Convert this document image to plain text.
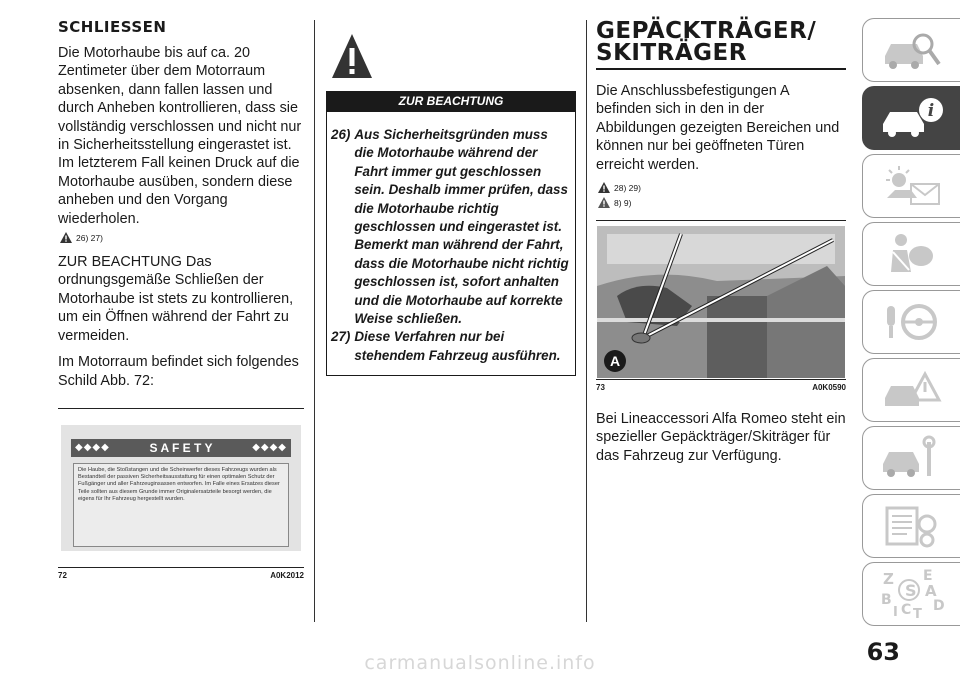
SCHLIESSEN

Die Motorhaube bis auf ca. 20 Zentimeter über dem Motorraum absenken, dann fallen lassen und durch Anheben kontrollieren, dass sie vollständig verschlossen und nicht nur in Sicherheitsstellung eingerastet ist. Im letzterem Fall keinen Druck auf die Motorhaube ausüben, sondern diese anheben und den Vorgang wiederholen.

26) 27)

ZUR BEACHTUNG Das ordnungsgemäße Schließen der Motorhaube ist stets zu kontrollieren, um ein Öffnen während der Fahrt zu vermeiden.

Im Motorraum befindet sich folgendes Schild Abb. 72:

◆◆◆◆	S A F E T Y	◆◆◆◆
Die Haube, die Stoßstangen und die Scheinwerfer dieses Fahrzeugs wurden als Bestandteil der passiven Sicherheitsausstattung für einen optimalen Schutz der Fußgänger und aller Fahrzeuginsassen entworfen. Im Falle eines Ersatzes dieser Teile sollten aus diesem Grunde immer Originalersatzteile besorgt werden, die eigens für Ihr Fahrzeug hergestellt wurden.
72	A0K2012
ZUR BEACHTUNG
26) Aus Sicherheitsgründen muss die Motorhaube während der Fahrt immer gut geschlossen sein. Deshalb immer prüfen, dass die Motorhaube richtig geschlossen und eingerastet ist. Bemerkt man während der Fahrt, dass die Motorhaube nicht richtig geschlossen ist, sofort anhalten und die Motorhaube auf korrekte Weise schließen.
27) Diese Verfahren nur bei stehendem Fahrzeug ausführen.
GEPÄCKTRÄGER/
SKITRÄGER

Die Anschlussbefestigungen A befinden sich in den in der Abbildungen gezeigten Bereichen und können nur bei geöffneten Türen erreicht werden.

28) 29)
8) 9)
A
73	A0K0590

Bei Lineaccessori Alfa Romeo steht ein spezieller Gepäckträger/Skiträger für das Fahrzeug zur Verfügung.

i
Z E
A
B	D
C T
S
I
63
carmanualsonline.info
